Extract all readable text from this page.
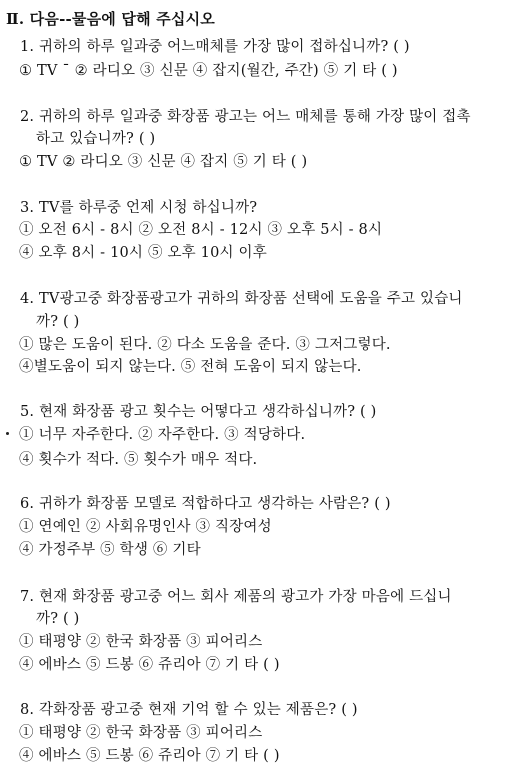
Ⅱ. 다음--물음에 답해 주십시오
1. 귀하의 하루 일과중 어느매체를 가장 많이 접하십니까? ( )
① TV ˉ ② 라디오 ③ 신문 ④ 잡지(월간, 주간) ⑤ 기 타 ( )
2. 귀하의 하루 일과중 화장품 광고는 어느 매체를 통해 가장 많이 접촉
하고 있습니까? ( )
① TV ② 라디오 ③ 신문 ④ 잡지 ⑤ 기 타 ( )
3. TV를 하루중 언제 시청 하십니까?
① 오전 6시 - 8시 ② 오전 8시 - 12시 ③ 오후 5시 - 8시
④ 오후 8시 - 10시 ⑤ 오후 10시 이후
4. TV광고중 화장품광고가 귀하의 화장품 선택에 도움을 주고 있습니
까? ( )
① 많은 도움이 된다. ② 다소 도움을 준다. ③ 그저그렇다.
④별도움이 되지 않는다. ⑤ 전혀 도움이 되지 않는다.
5. 현재 화장품 광고 횟수는 어떻다고 생각하십니까? ( )
① 너무 자주한다. ② 자주한다. ③ 적당하다.
④ 횟수가 적다. ⑤ 횟수가 매우 적다.
6. 귀하가 화장품 모델로 적합하다고 생각하는 사람은? ( )
① 연예인 ② 사회유명인사 ③ 직장여성
④ 가정주부 ⑤ 학생 ⑥ 기타
7. 현재 화장품 광고중 어느 회사 제품의 광고가 가장 마음에 드십니
까? ( )
① 태평양 ② 한국 화장품 ③ 피어리스
④ 에바스 ⑤ 드봉 ⑥ 쥬리아 ⑦ 기 타 ( )
8. 각화장품 광고중 현재 기억 할 수 있는 제품은? ( )
① 태평양 ② 한국 화장품 ③ 피어리스
④ 에바스 ⑤ 드봉 ⑥ 쥬리아 ⑦ 기 타 ( )
